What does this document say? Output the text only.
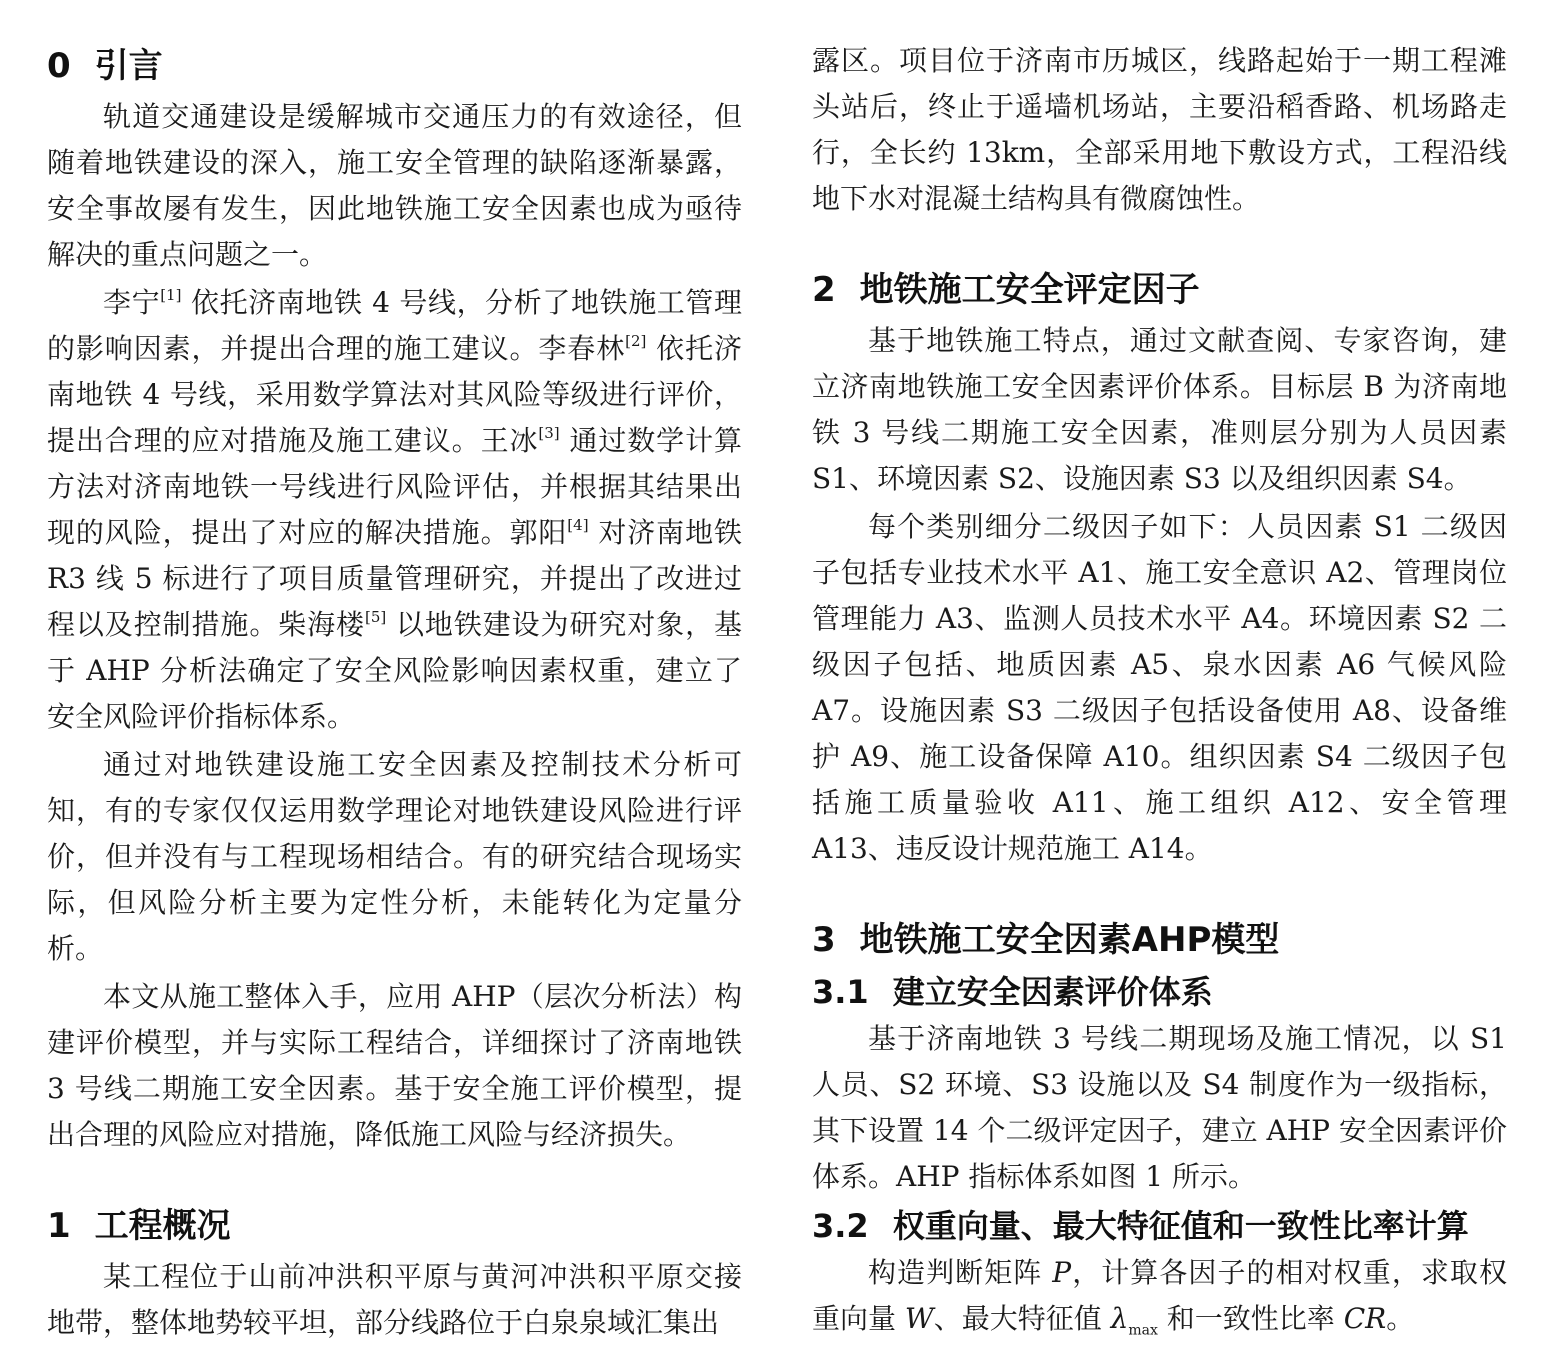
0 引言

轨道交通建设是缓解城市交通压力的有效途径，但随着地铁建设的深入，施工安全管理的缺陷逐渐暴露，安全事故屡有发生，因此地铁施工安全因素也成为亟待解决的重点问题之一。

李宁[1] 依托济南地铁 4 号线，分析了地铁施工管理的影响因素，并提出合理的施工建议。李春林[2] 依托济南地铁 4 号线，采用数学算法对其风险等级进行评价，提出合理的应对措施及施工建议。王冰[3] 通过数学计算方法对济南地铁一号线进行风险评估，并根据其结果出现的风险，提出了对应的解决措施。郭阳[4] 对济南地铁 R3 线 5 标进行了项目质量管理研究，并提出了改进过程以及控制措施。柴海楼[5] 以地铁建设为研究对象，基于 AHP 分析法确定了安全风险影响因素权重，建立了安全风险评价指标体系。

通过对地铁建设施工安全因素及控制技术分析可知，有的专家仅仅运用数学理论对地铁建设风险进行评价，但并没有与工程现场相结合。有的研究结合现场实际，但风险分析主要为定性分析，未能转化为定量分析。

本文从施工整体入手，应用 AHP（层次分析法）构建评价模型，并与实际工程结合，详细探讨了济南地铁 3 号线二期施工安全因素。基于安全施工评价模型，提出合理的风险应对措施，降低施工风险与经济损失。

1 工程概况

某工程位于山前冲洪积平原与黄河冲洪积平原交接地带，整体地势较平坦，部分线路位于白泉泉域汇集出

露区。项目位于济南市历城区，线路起始于一期工程滩头站后，终止于遥墙机场站，主要沿稻香路、机场路走行，全长约 13km，全部采用地下敷设方式，工程沿线地下水对混凝土结构具有微腐蚀性。

2 地铁施工安全评定因子

基于地铁施工特点，通过文献查阅、专家咨询，建立济南地铁施工安全因素评价体系。目标层 B 为济南地铁 3 号线二期施工安全因素，准则层分别为人员因素 S1、环境因素 S2、设施因素 S3 以及组织因素 S4。

每个类别细分二级因子如下：人员因素 S1 二级因子包括专业技术水平 A1、施工安全意识 A2、管理岗位管理能力 A3、监测人员技术水平 A4。环境因素 S2 二级因子包括、地质因素 A5、泉水因素 A6 气候风险 A7。设施因素 S3 二级因子包括设备使用 A8、设备维护 A9、施工设备保障 A10。组织因素 S4 二级因子包括施工质量验收 A11、施工组织 A12、安全管理 A13、违反设计规范施工 A14。

3 地铁施工安全因素AHP模型
3.1 建立安全因素评价体系

基于济南地铁 3 号线二期现场及施工情况，以 S1 人员、S2 环境、S3 设施以及 S4 制度作为一级指标，其下设置 14 个二级评定因子，建立 AHP 安全因素评价体系。AHP 指标体系如图 1 所示。

3.2 权重向量、最大特征值和一致性比率计算

构造判断矩阵 P，计算各因子的相对权重，求取权重向量 W、最大特征值 $\lambda_{max}$ 和一致性比率 CR。
